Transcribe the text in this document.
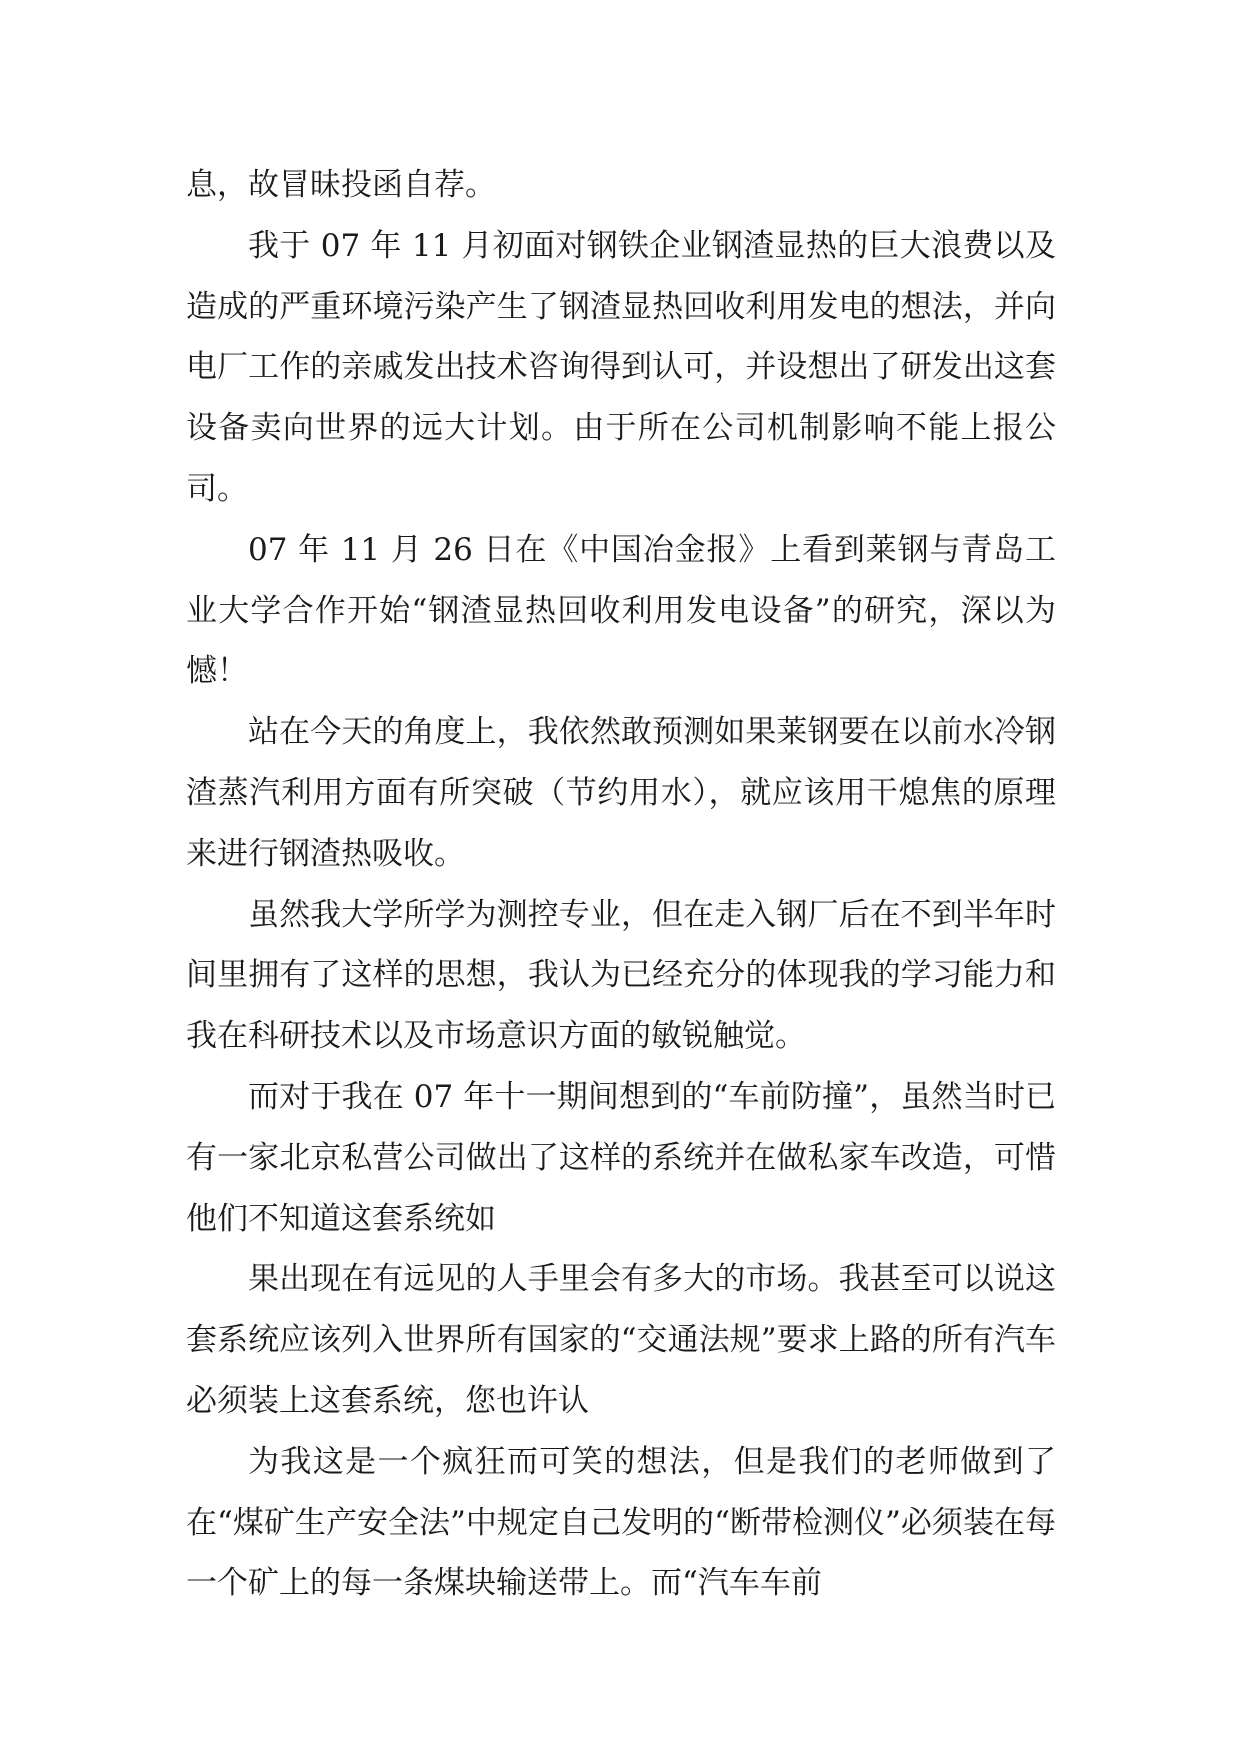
息，故冒昧投函自荐。

我于 07 年 11 月初面对钢铁企业钢渣显热的巨大浪费以及造成的严重环境污染产生了钢渣显热回收利用发电的想法，并向电厂工作的亲戚发出技术咨询得到认可，并设想出了研发出这套设备卖向世界的远大计划。由于所在公司机制影响不能上报公司。

07 年 11 月 26 日在《中国冶金报》上看到莱钢与青岛工业大学合作开始“钢渣显热回收利用发电设备”的研究，深以为憾！

站在今天的角度上，我依然敢预测如果莱钢要在以前水冷钢渣蒸汽利用方面有所突破（节约用水），就应该用干熄焦的原理来进行钢渣热吸收。

虽然我大学所学为测控专业，但在走入钢厂后在不到半年时间里拥有了这样的思想，我认为已经充分的体现我的学习能力和我在科研技术以及市场意识方面的敏锐触觉。

而对于我在 07 年十一期间想到的“车前防撞”，虽然当时已有一家北京私营公司做出了这样的系统并在做私家车改造，可惜他们不知道这套系统如

果出现在有远见的人手里会有多大的市场。我甚至可以说这套系统应该列入世界所有国家的“交通法规”要求上路的所有汽车必须装上这套系统，您也许认

为我这是一个疯狂而可笑的想法，但是我们的老师做到了在“煤矿生产安全法”中规定自己发明的“断带检测仪”必须装在每一个矿上的每一条煤块输送带上。而“汽车车前
